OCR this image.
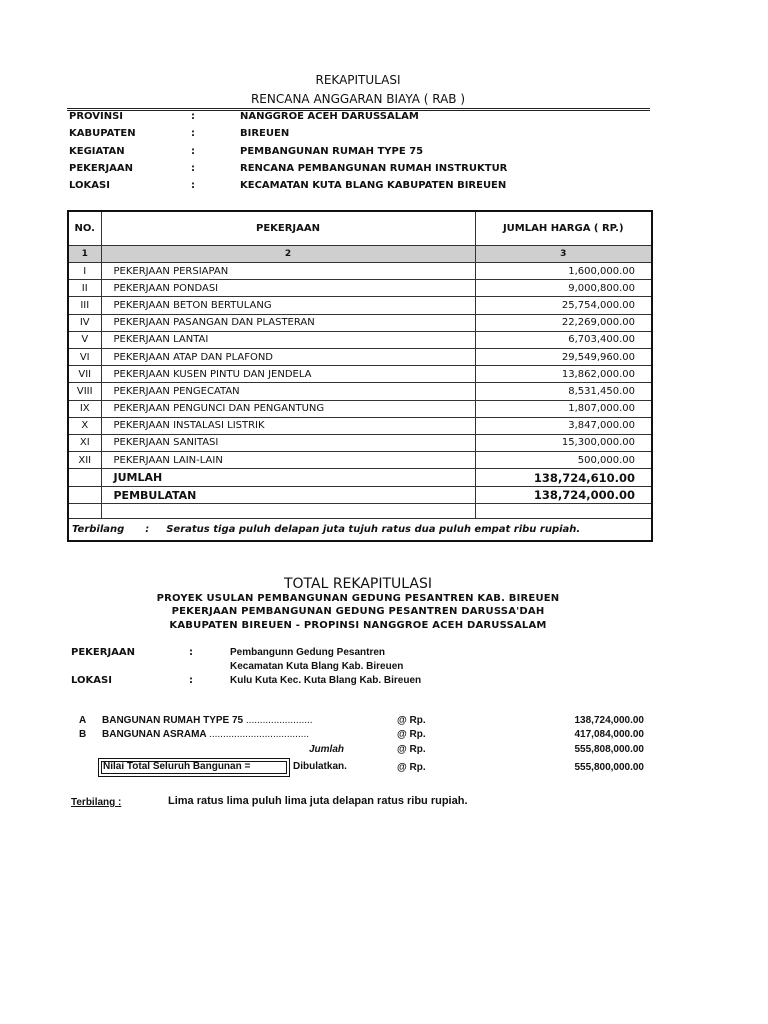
REKAPITULASI
RENCANA ANGGARAN BIAYA ( RAB )
PROVINSI	:	NANGGROE ACEH DARUSSALAM
KABUPATEN	:	BIREUEN
KEGIATAN	:	PEMBANGUNAN RUMAH TYPE 75
PEKERJAAN	:	RENCANA PEMBANGUNAN RUMAH INSTRUKTUR
LOKASI	:	KECAMATAN KUTA BLANG KABUPATEN BIREUEN
NO.	PEKERJAAN	JUMLAH HARGA ( RP.)
1	2	3
I	PEKERJAAN PERSIAPAN	1,600,000.00
II	PEKERJAAN PONDASI	9,000,800.00
III	PEKERJAAN BETON BERTULANG	25,754,000.00
IV	PEKERJAAN PASANGAN DAN PLASTERAN	22,269,000.00
V	PEKERJAAN LANTAI	6,703,400.00
VI	PEKERJAAN ATAP DAN PLAFOND	29,549,960.00
VII	PEKERJAAN KUSEN PINTU DAN JENDELA	13,862,000.00
VIII	PEKERJAAN PENGECATAN	8,531,450.00
IX	PEKERJAAN PENGUNCI DAN PENGANTUNG	1,807,000.00
X	PEKERJAAN INSTALASI LISTRIK	3,847,000.00
XI	PEKERJAAN SANITASI	15,300,000.00
XII	PEKERJAAN LAIN-LAIN	500,000.00
	JUMLAH	138,724,610.00
	PEMBULATAN	138,724,000.00

Terbilang : Seratus tiga puluh delapan juta tujuh ratus dua puluh empat ribu rupiah.		
TOTAL REKAPITULASI
PROYEK USULAN PEMBANGUNAN GEDUNG PESANTREN KAB. BIREUEN
PEKERJAAN PEMBANGUNAN GEDUNG PESANTREN DARUSSA'DAH
KABUPATEN BIREUEN - PROPINSI NANGGROE ACEH DARUSSALAM
PEKERJAAN	:	Pembangunn Gedung Pesantren
Kecamatan Kuta Blang Kab. Bireuen
LOKASI	:	Kulu Kuta Kec. Kuta Blang Kab. Bireuen
A BANGUNAN RUMAH TYPE 75 ........................	@ Rp.	138,724,000.00
B BANGUNAN ASRAMA ....................................	@ Rp.	417,084,000.00
Jumlah	@ Rp.	555,808,000.00
Nilai Total Seluruh Bangunan =	Dibulatkan.	@ Rp.	555,800,000.00
Terbilang :	Lima ratus lima puluh lima juta delapan ratus ribu rupiah.
